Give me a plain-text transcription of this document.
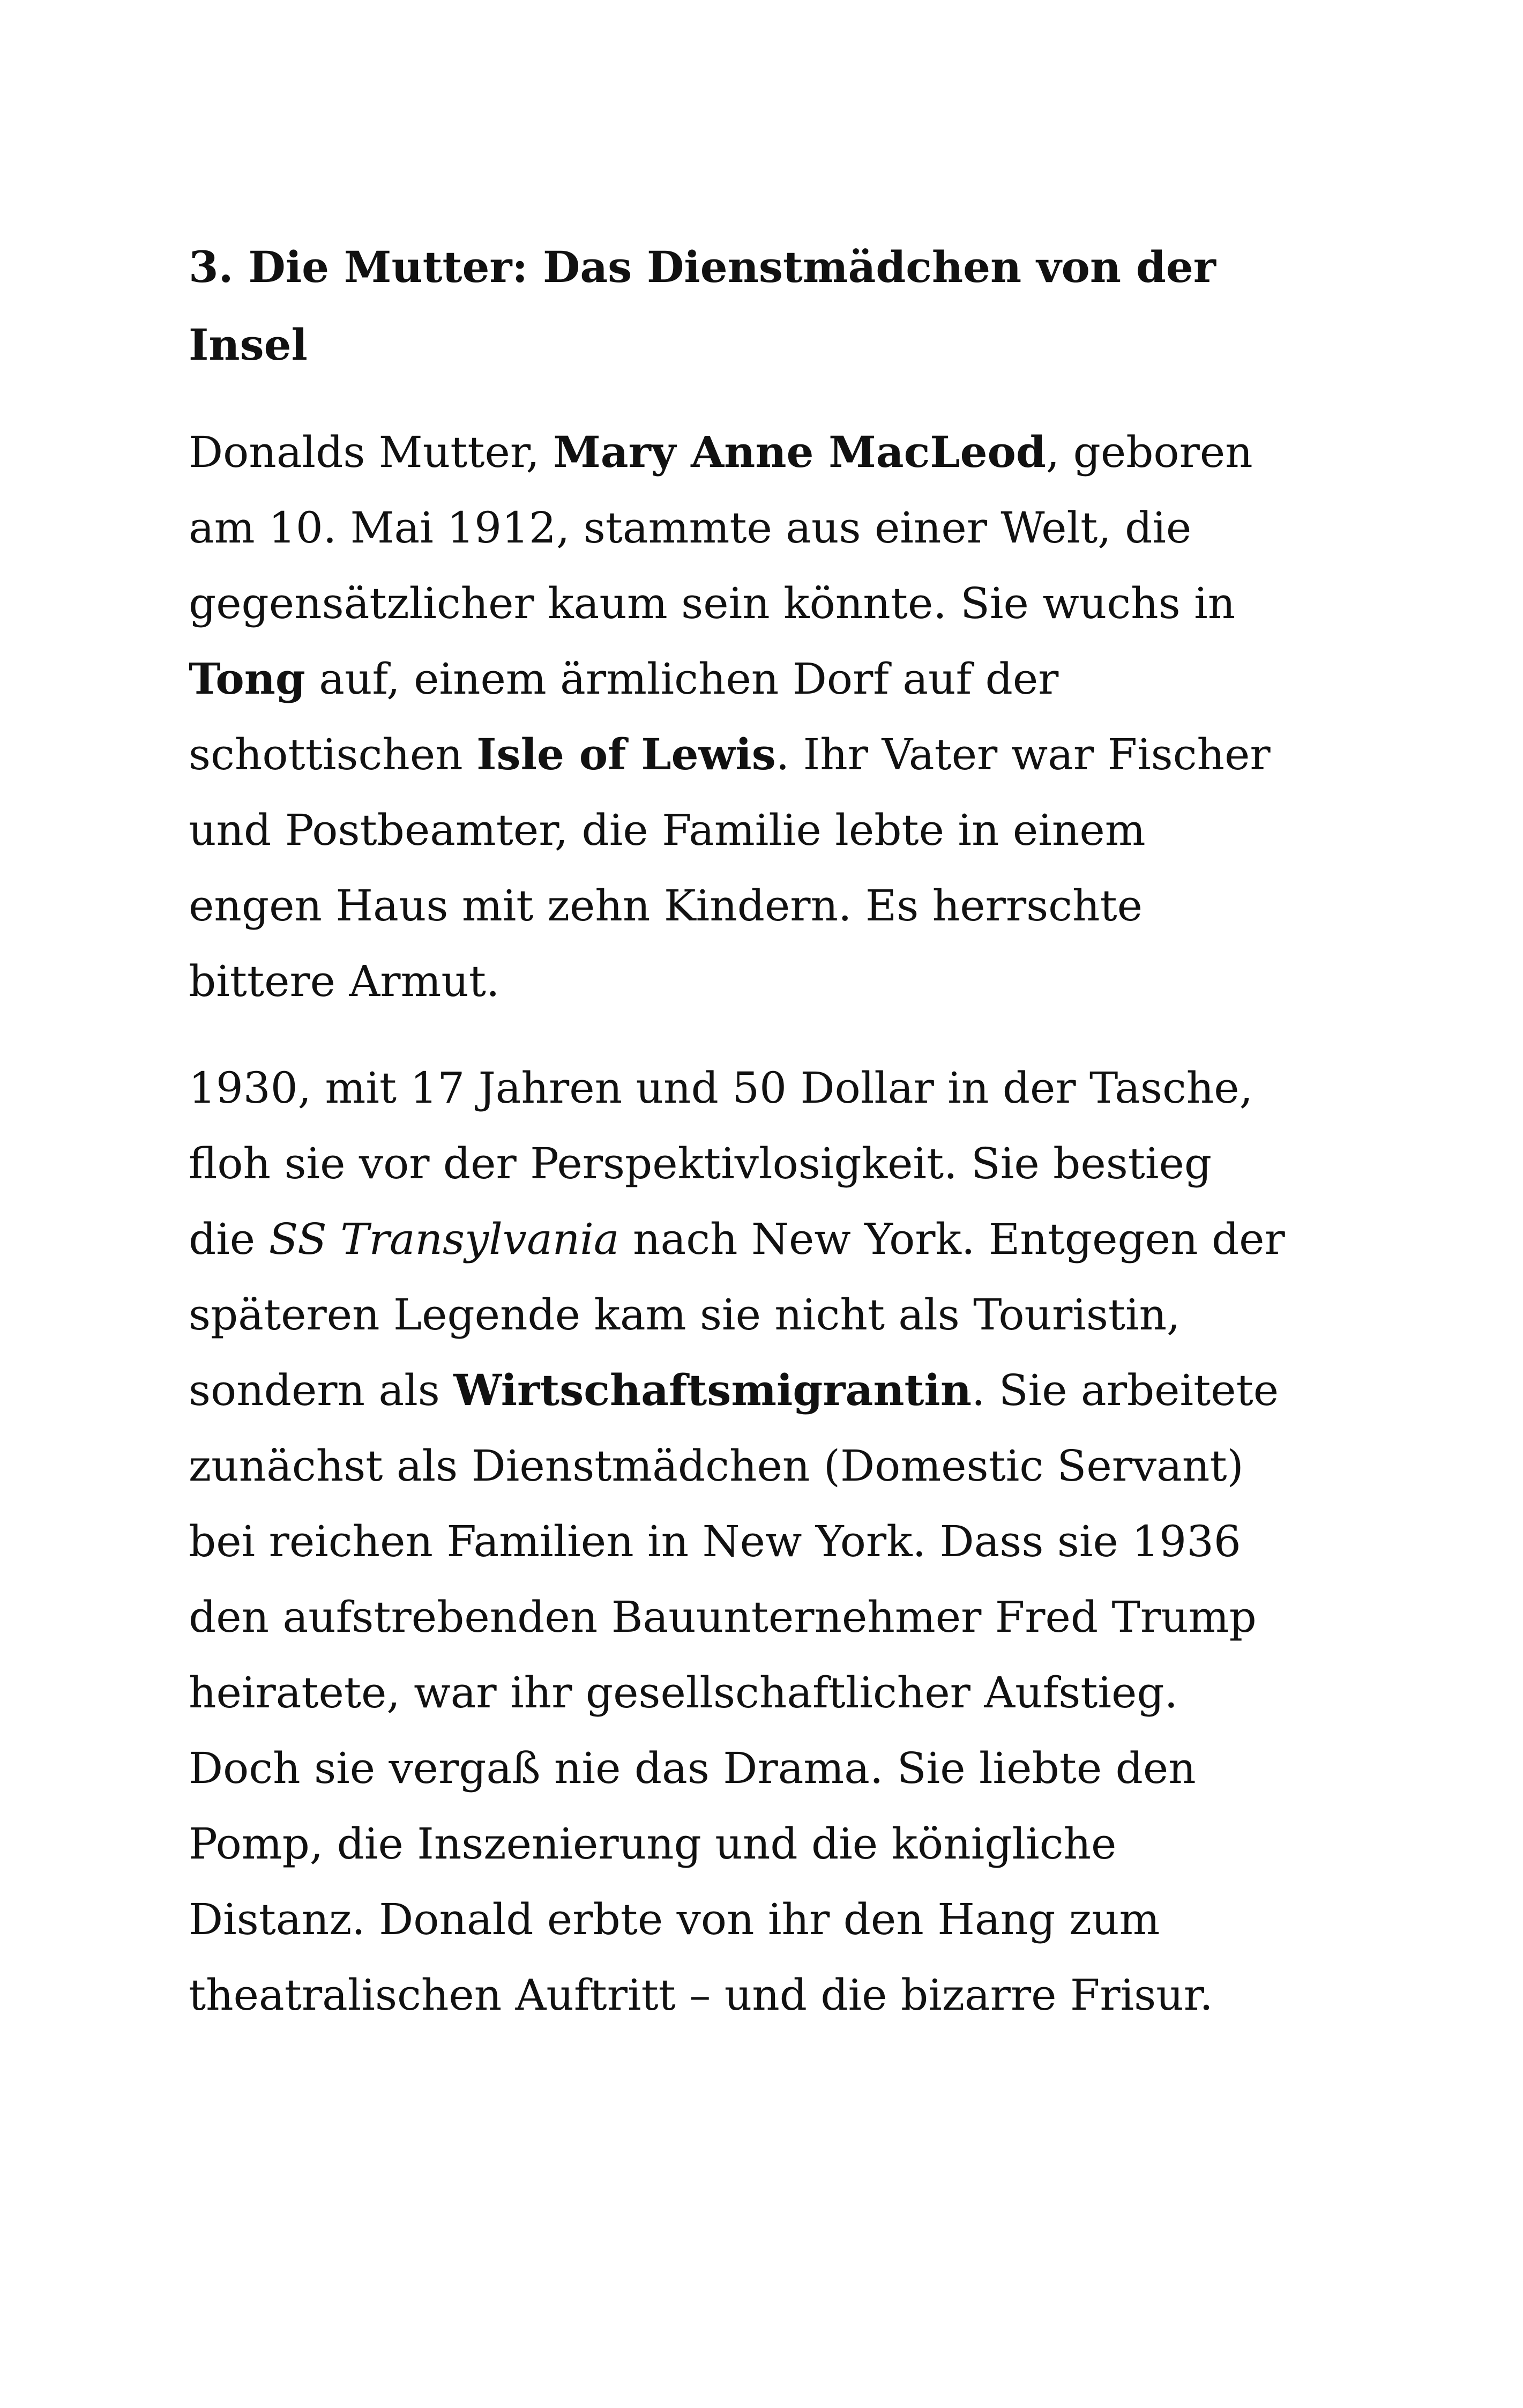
3. Die Mutter: Das Dienstmädchen von der Insel

Donalds Mutter, Mary Anne MacLeod, geboren am 10. Mai 1912, stammte aus einer Welt, die gegensätzlicher kaum sein könnte. Sie wuchs in Tong auf, einem ärmlichen Dorf auf der schottischen Isle of Lewis. Ihr Vater war Fischer und Postbeamter, die Familie lebte in einem engen Haus mit zehn Kindern. Es herrschte bittere Armut.

1930, mit 17 Jahren und 50 Dollar in der Tasche, floh sie vor der Perspektivlosigkeit. Sie bestieg die SS Transylvania nach New York. Entgegen der späteren Legende kam sie nicht als Touristin, sondern als Wirtschaftsmigrantin. Sie arbeitete zunächst als Dienstmädchen (Domestic Servant) bei reichen Familien in New York. Dass sie 1936 den aufstrebenden Bauunternehmer Fred Trump heiratete, war ihr gesellschaftlicher Aufstieg. Doch sie vergaß nie das Drama. Sie liebte den Pomp, die Inszenierung und die königliche Distanz. Donald erbte von ihr den Hang zum theatralischen Auftritt – und die bizarre Frisur.
